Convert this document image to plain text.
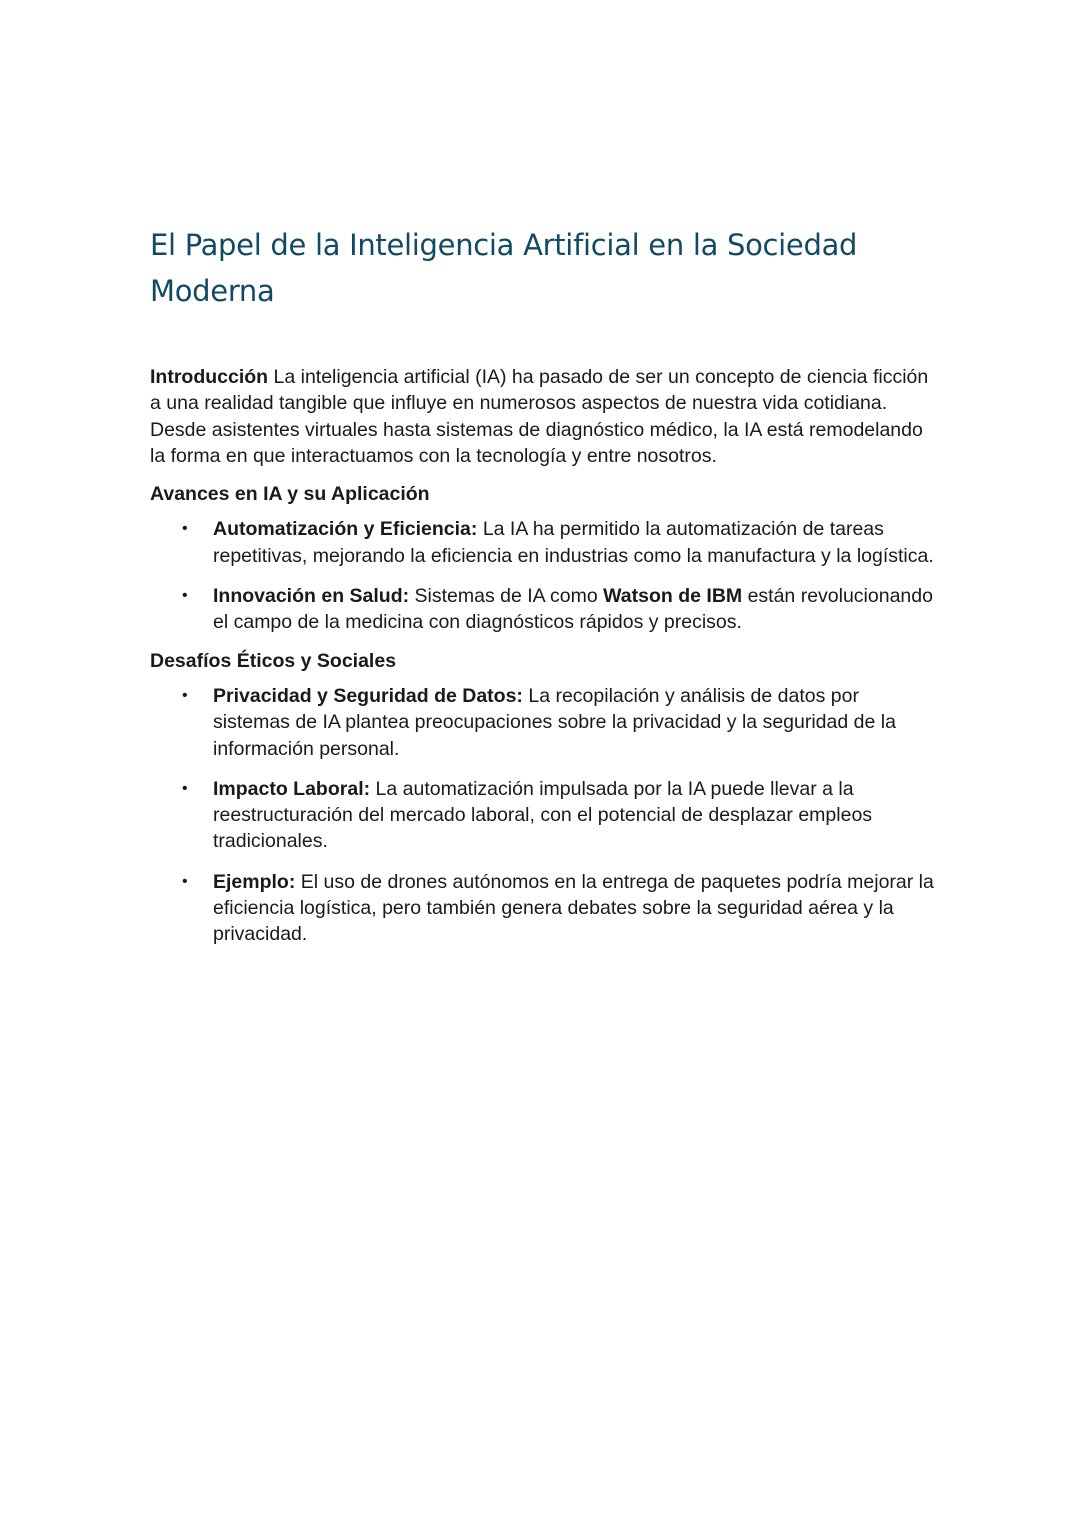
El Papel de la Inteligencia Artificial en la Sociedad Moderna

Introducción La inteligencia artificial (IA) ha pasado de ser un concepto de ciencia ficción a una realidad tangible que influye en numerosos aspectos de nuestra vida cotidiana. Desde asistentes virtuales hasta sistemas de diagnóstico médico, la IA está remodelando la forma en que interactuamos con la tecnología y entre nosotros.

Avances en IA y su Aplicación

• Automatización y Eficiencia: La IA ha permitido la automatización de tareas repetitivas, mejorando la eficiencia en industrias como la manufactura y la logística.
• Innovación en Salud: Sistemas de IA como Watson de IBM están revolucionando el campo de la medicina con diagnósticos rápidos y precisos.

Desafíos Éticos y Sociales

• Privacidad y Seguridad de Datos: La recopilación y análisis de datos por sistemas de IA plantea preocupaciones sobre la privacidad y la seguridad de la información personal.
• Impacto Laboral: La automatización impulsada por la IA puede llevar a la reestructuración del mercado laboral, con el potencial de desplazar empleos tradicionales.
• Ejemplo: El uso de drones autónomos en la entrega de paquetes podría mejorar la eficiencia logística, pero también genera debates sobre la seguridad aérea y la privacidad.
